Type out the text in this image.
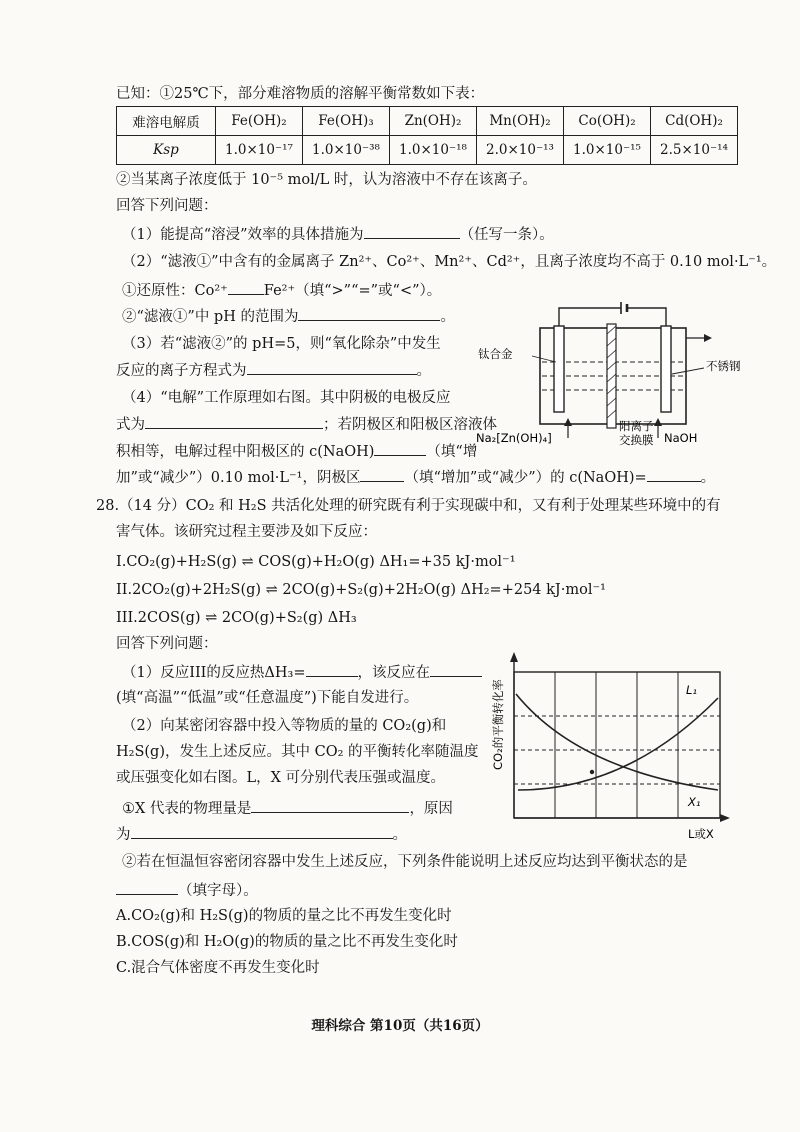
已知：①25℃下，部分难溶物质的溶解平衡常数如下表：
难溶电解质	Fe(OH)₂	Fe(OH)₃	Zn(OH)₂	Mn(OH)₂	Co(OH)₂	Cd(OH)₂
Ksp	1.0×10⁻¹⁷	1.0×10⁻³⁸	1.0×10⁻¹⁸	2.0×10⁻¹³	1.0×10⁻¹⁵	2.5×10⁻¹⁴
②当某离子浓度低于 10⁻⁵ mol/L 时，认为溶液中不存在该离子。
回答下列问题：
（1）能提高“溶浸”效率的具体措施为	（任写一条）。
（2）“滤液①”中含有的金属离子 Zn²⁺、Co²⁺、Mn²⁺、Cd²⁺，且离子浓度均不高于 0.10 mol·L⁻¹。
①还原性：Co²⁺ Fe²⁺（填“>”“=”或“<”）。
②“滤液①”中 pH 的范围为	。
（3）若“滤液②”的 pH=5，则“氧化除杂”中发生
反应的离子方程式为	。
（4）“电解”工作原理如右图。其中阴极的电极反应
式为	；若阴极区和阳极区溶液体
积相等，电解过程中阳极区的 c(NaOH)	（填“增
加”或“减少”）0.10 mol·L⁻¹，阴极区	（填“增加”或“减少”）的 c(NaOH)=	。
钛合金
不锈钢
阳离子
交换膜
Na₂[Zn(OH)₄]	NaOH
28.（14 分）CO₂ 和 H₂S 共活化处理的研究既有利于实现碳中和，又有利于处理某些环境中的有
害气体。该研究过程主要涉及如下反应：
I.CO₂(g)+H₂S(g) ⇌ COS(g)+H₂O(g) ΔH₁=+35 kJ·mol⁻¹
II.2CO₂(g)+2H₂S(g) ⇌ 2CO(g)+S₂(g)+2H₂O(g) ΔH₂=+254 kJ·mol⁻¹
III.2COS(g) ⇌ 2CO(g)+S₂(g) ΔH₃
回答下列问题：
（1）反应III的反应热ΔH₃=	，该反应在
(填“高温”“低温”或“任意温度”)下能自发进行。
（2）向某密闭容器中投入等物质的量的 CO₂(g)和
H₂S(g)，发生上述反应。其中 CO₂ 的平衡转化率随温度
或压强变化如右图。L，X 可分别代表压强或温度。
①X 代表的物理量是	，原因
为	。
②若在恒温恒容密闭容器中发生上述反应，下列条件能说明上述反应均达到平衡状态的是
（填字母）。
A.CO₂(g)和 H₂S(g)的物质的量之比不再发生变化时
B.COS(g)和 H₂O(g)的物质的量之比不再发生变化时
C.混合气体密度不再发生变化时
CO₂的平衡转化率
L或X
L₁
X₁
理科综合 第10页（共16页）
